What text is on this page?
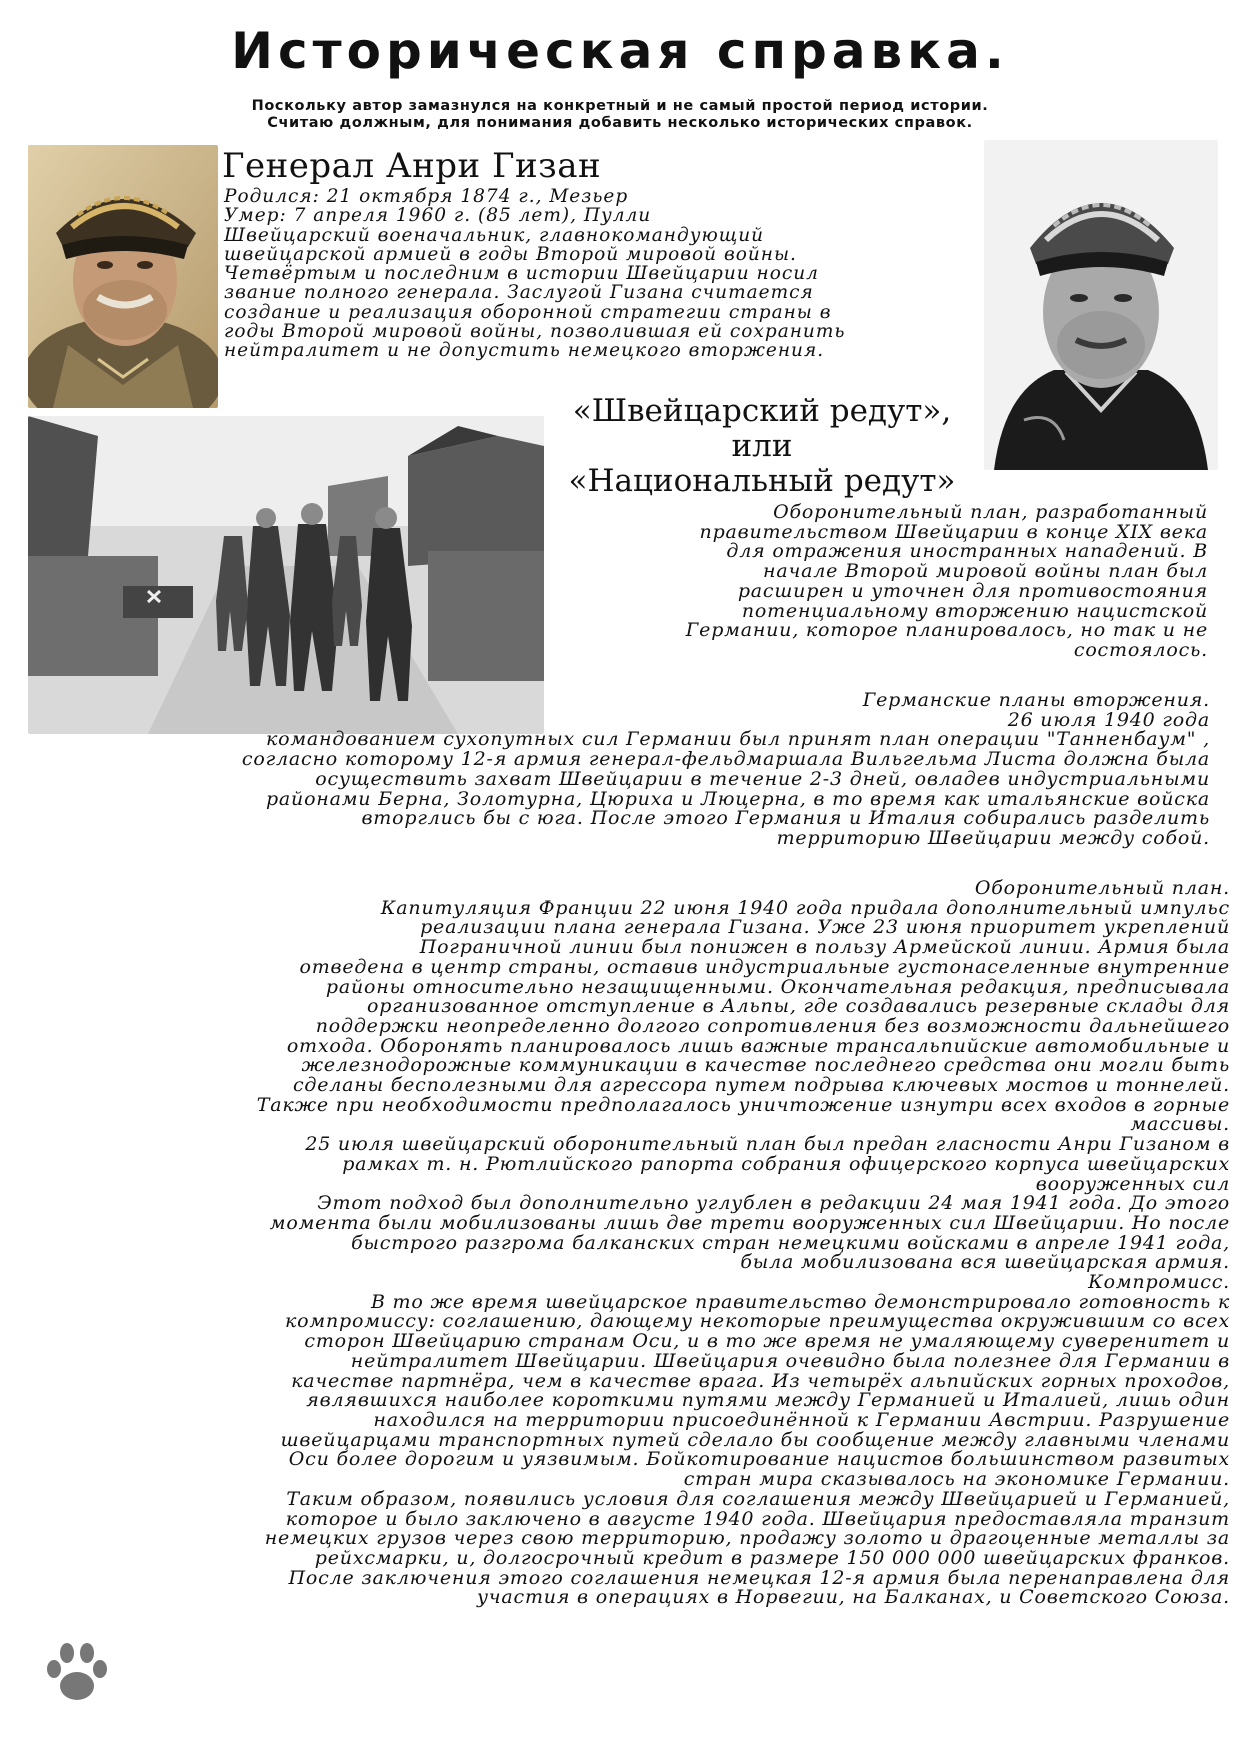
Историческая справка.
Поскольку автор замазнулся на конкретный и не самый простой период истории.
Считаю должным, для понимания добавить несколько исторических справок.
Генерал Анри Гизан
Родился: 21 октября 1874 г., Мезьер
Умер: 7 апреля 1960 г. (85 лет), Пулли
Швейцарский военачальник, главнокомандующий
швейцарской армией в годы Второй мировой войны.
Четвёртым и последним в истории Швейцарии носил
звание полного генерала. Заслугой Гизана считается
создание и реализация оборонной стратегии страны в
годы Второй мировой войны, позволившая ей сохранить
нейтралитет и не допустить немецкого вторжения.
«Швейцарский редут»,
или
«Национальный редут»
Оборонительный план, разработанный
правительством Швейцарии в конце XIX века
для отражения иностранных нападений. В
начале Второй мировой войны план был
расширен и уточнен для противостояния
потенциальному вторжению нацистской
Германии, которое планировалось, но так и не
состоялось.
Германские планы вторжения.
26 июля 1940 года
командованием сухопутных сил Германии был принят план операции "Танненбаум" ,
согласно которому 12-я армия генерал-фельдмаршала Вильгельма Листа должна была
осуществить захват Швейцарии в течение 2-3 дней, овладев индустриальными
районами Берна, Золотурна, Цюриха и Люцерна, в то время как итальянские войска
вторглись бы с юга. После этого Германия и Италия собирались разделить
территорию Швейцарии между собой.
Оборонительный план.
Капитуляция Франции 22 июня 1940 года придала дополнительный импульс
реализации плана генерала Гизана. Уже 23 июня приоритет укреплений
Пограничной линии был понижен в пользу Армейской линии. Армия была
отведена в центр страны, оставив индустриальные густонаселенные внутренние
районы относительно незащищенными. Окончательная редакция, предписывала
организованное отступление в Альпы, где создавались резервные склады для
поддержки неопределенно долгого сопротивления без возможности дальнейшего
отхода. Оборонять планировалось лишь важные трансальпийские автомобильные и
железнодорожные коммуникации в качестве последнего средства они могли быть
сделаны бесполезными для агрессора путем подрыва ключевых мостов и тоннелей.
Также при необходимости предполагалось уничтожение изнутри всех входов в горные
массивы.
25 июля швейцарский оборонительный план был предан гласности Анри Гизаном в
рамках т. н. Рютлийского рапорта собрания офицерского корпуса швейцарских
вооруженных сил
Этот подход был дополнительно углублен в редакции 24 мая 1941 года. До этого
момента были мобилизованы лишь две трети вооруженных сил Швейцарии. Но после
быстрого разгрома балканских стран немецкими войсками в апреле 1941 года,
была мобилизована вся швейцарская армия.
Компромисс.
В то же время швейцарское правительство демонстрировало готовность к
компромиссу: соглашению, дающему некоторые преимущества окружившим со всех
сторон Швейцарию странам Оси, и в то же время не умаляющему суверенитет и
нейтралитет Швейцарии. Швейцария очевидно была полезнее для Германии в
качестве партнёра, чем в качестве врага. Из четырёх альпийских горных проходов,
являвшихся наиболее короткими путями между Германией и Италией, лишь один
находился на территории присоединённой к Германии Австрии. Разрушение
швейцарцами транспортных путей сделало бы сообщение между главными членами
Оси более дорогим и уязвимым. Бойкотирование нацистов большинством развитых
стран мира сказывалось на экономике Германии.
Таким образом, появились условия для соглашения между Швейцарией и Германией,
которое и было заключено в августе 1940 года. Швейцария предоставляла транзит
немецких грузов через свою территорию, продажу золото и драгоценные металлы за
рейхсмарки, и, долгосрочный кредит в размере 150 000 000 швейцарских франков.
После заключения этого соглашения немецкая 12-я армия была перенаправлена для
участия в операциях в Норвегии, на Балканах, и Советского Союза.
